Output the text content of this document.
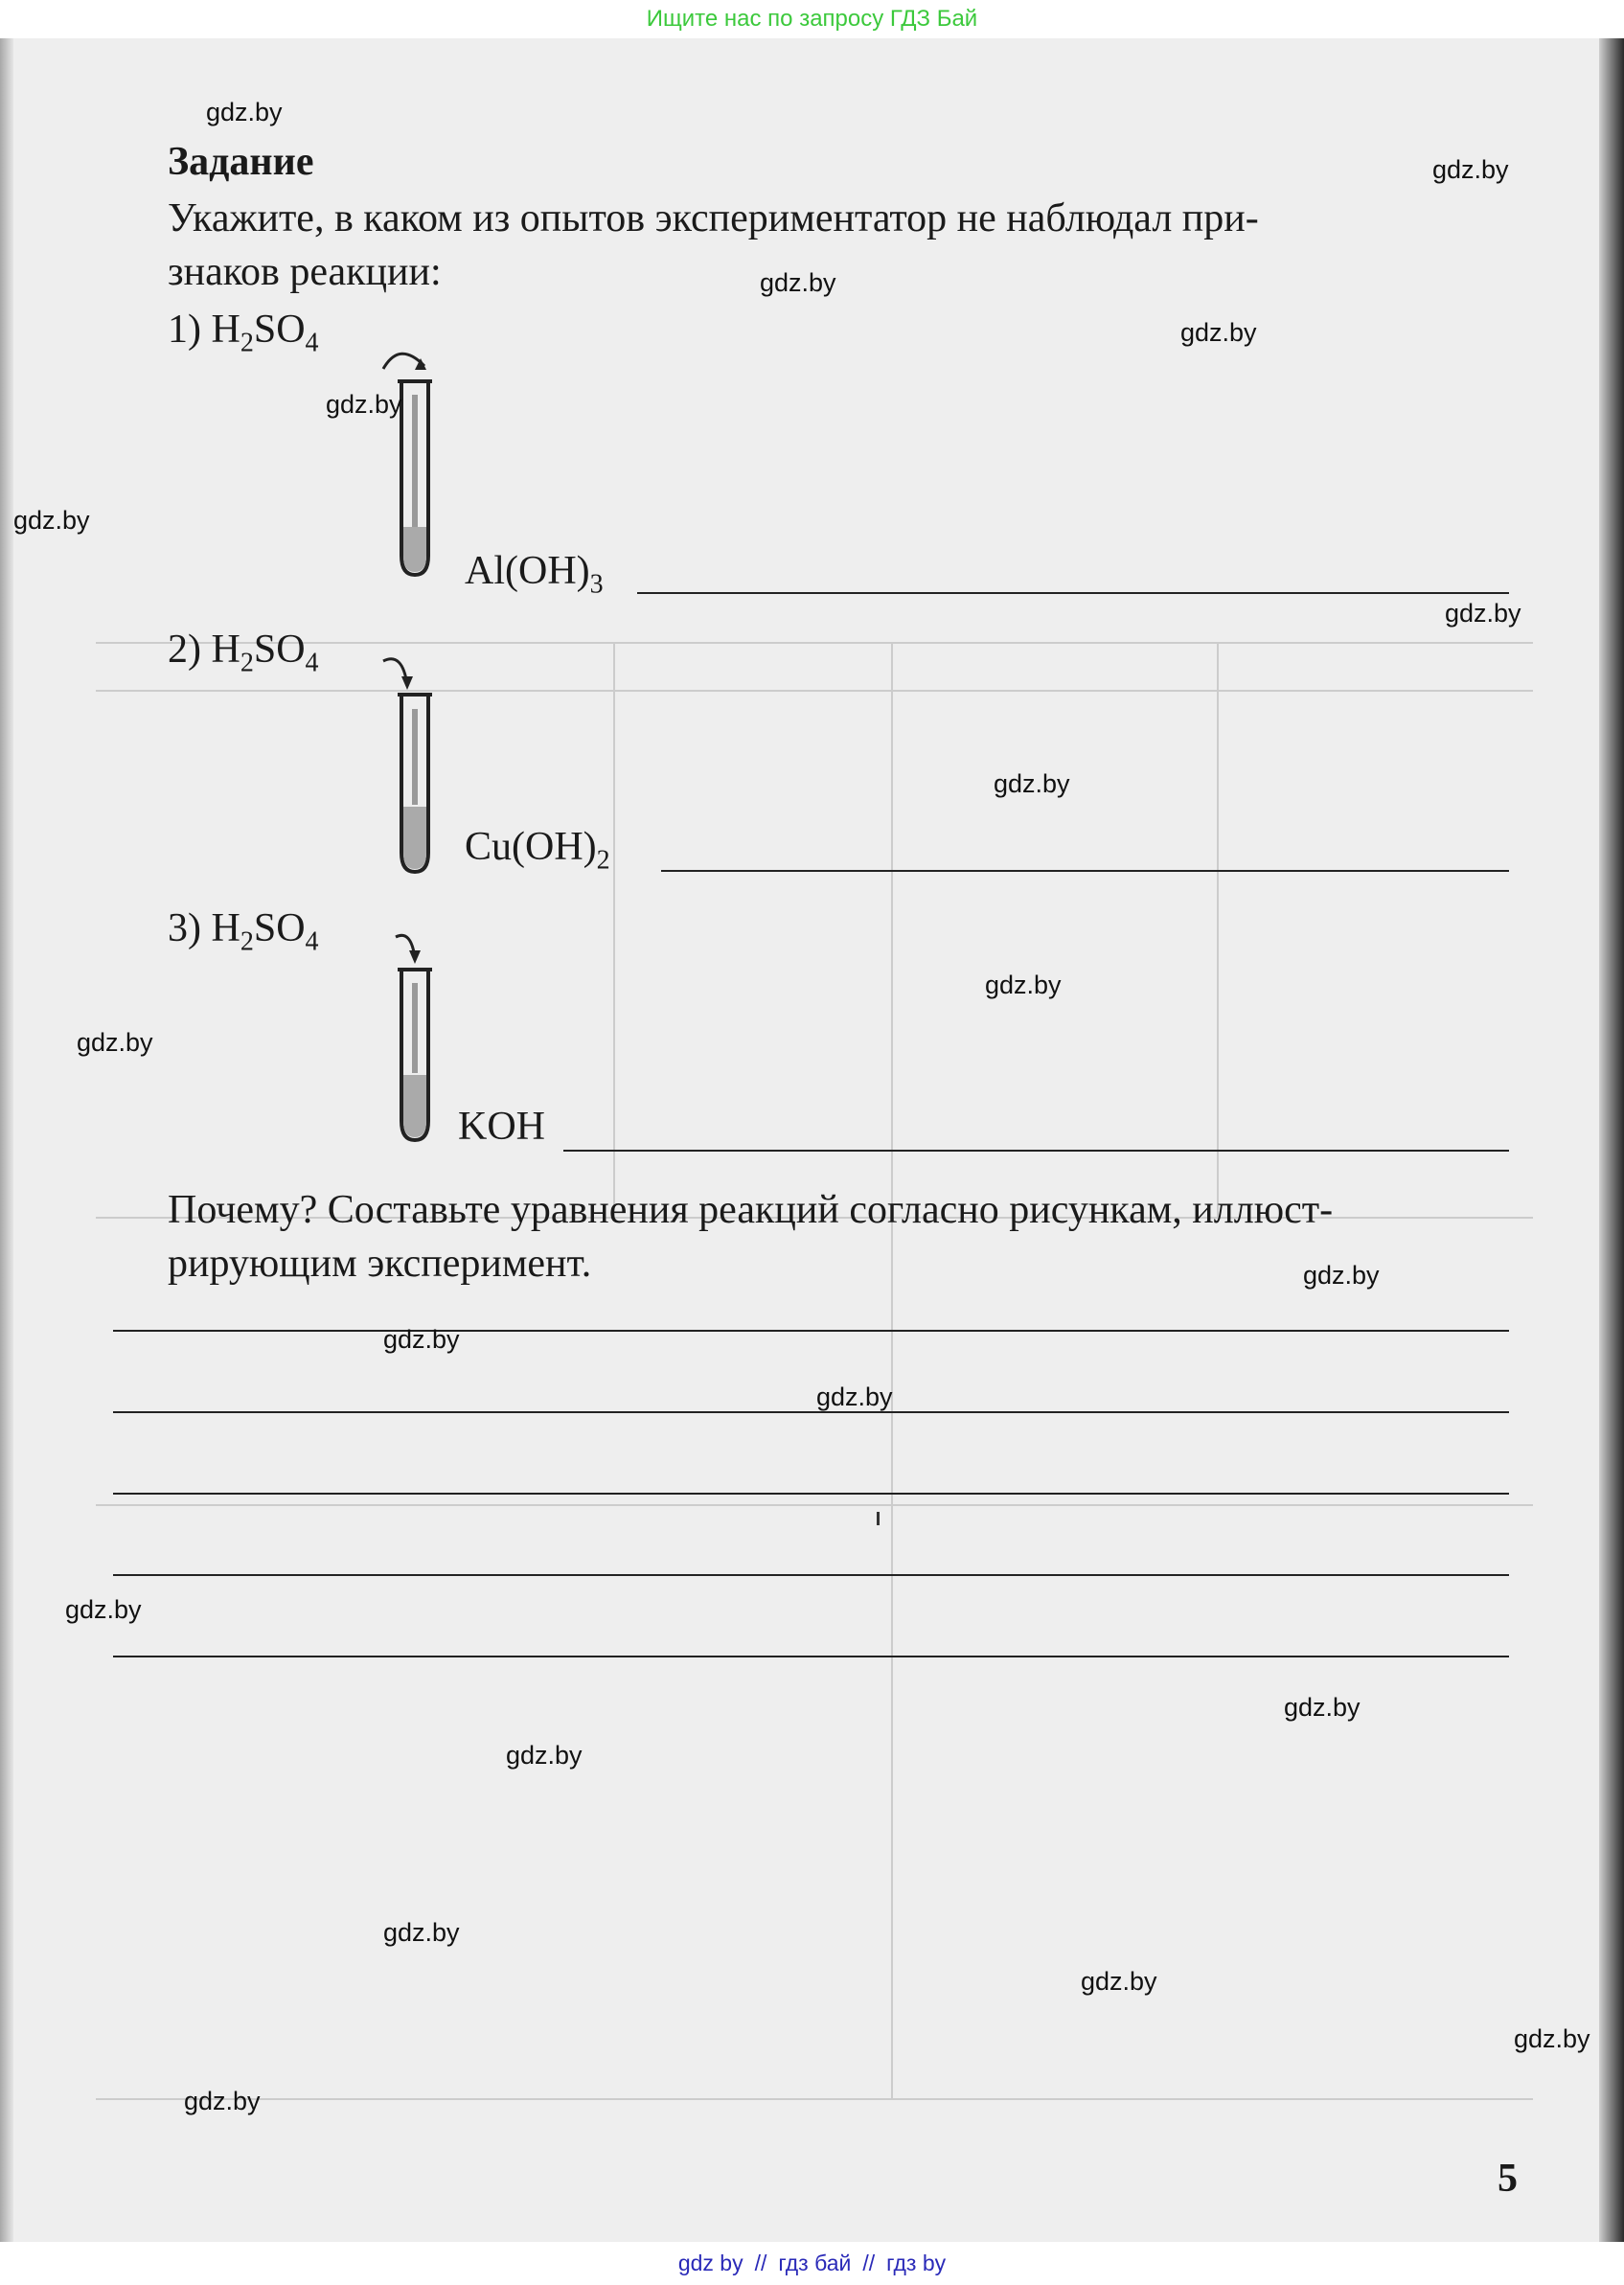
Ищите нас по запросу ГДЗ Бай
Задание
Укажите, в каком из опытов экспериментатор не наблюдал при-
знаков реакции:
1) $H_2SO_4$
$Al(OH)_3$
2) $H_2SO_4$
$Cu(OH)_2$
3) $H_2SO_4$
KOH
Почему? Составьте уравнения реакций согласно рисункам, иллюст-
рирующим эксперимент.
5
gdz.by
gdz.by
gdz.by
gdz.by
gdz.by
gdz.by
gdz.by
gdz.by
gdz.by
gdz.by
gdz.by
gdz.by
gdz.by
gdz.by
gdz.by
gdz.by
gdz.by
gdz.by
gdz.by
gdz.by
gdz by // гдз бай // гдз by
